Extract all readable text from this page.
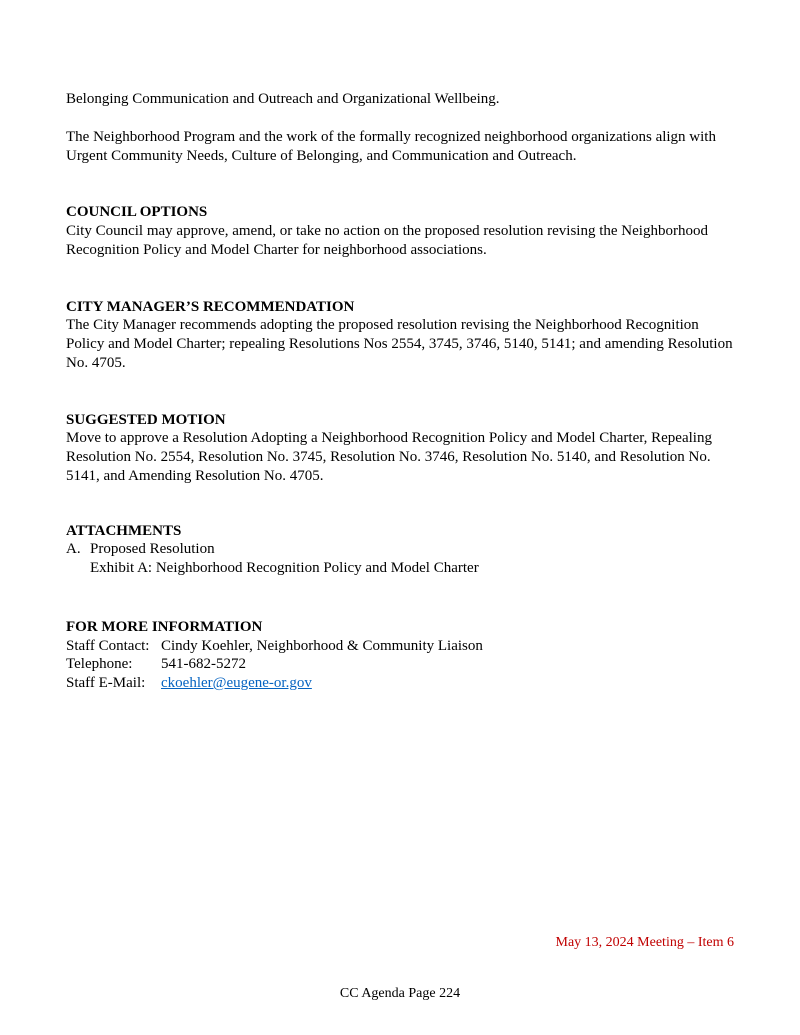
Belonging Communication and Outreach and Organizational Wellbeing.

The Neighborhood Program and the work of the formally recognized neighborhood organizations align with Urgent Community Needs, Culture of Belonging, and Communication and Outreach.

COUNCIL OPTIONS
City Council may approve, amend, or take no action on the proposed resolution revising the Neighborhood Recognition Policy and Model Charter for neighborhood associations.
CITY MANAGER’S RECOMMENDATION
The City Manager recommends adopting the proposed resolution revising the Neighborhood Recognition Policy and Model Charter; repealing Resolutions Nos 2554, 3745, 3746, 5140, 5141; and amending Resolution No. 4705.
SUGGESTED MOTION
Move to approve a Resolution Adopting a Neighborhood Recognition Policy and Model Charter, Repealing Resolution No. 2554, Resolution No. 3745, Resolution No. 3746, Resolution No. 5140, and Resolution No. 5141, and Amending Resolution No. 4705.
ATTACHMENTS
A. Proposed Resolution
Exhibit A: Neighborhood Recognition Policy and Model Charter
FOR MORE INFORMATION
Staff Contact: Cindy Koehler, Neighborhood & Community Liaison
Telephone:	541-682-5272
Staff E-Mail:	ckoehler@eugene-or.gov
May 13, 2024 Meeting – Item 6
CC Agenda Page 224
